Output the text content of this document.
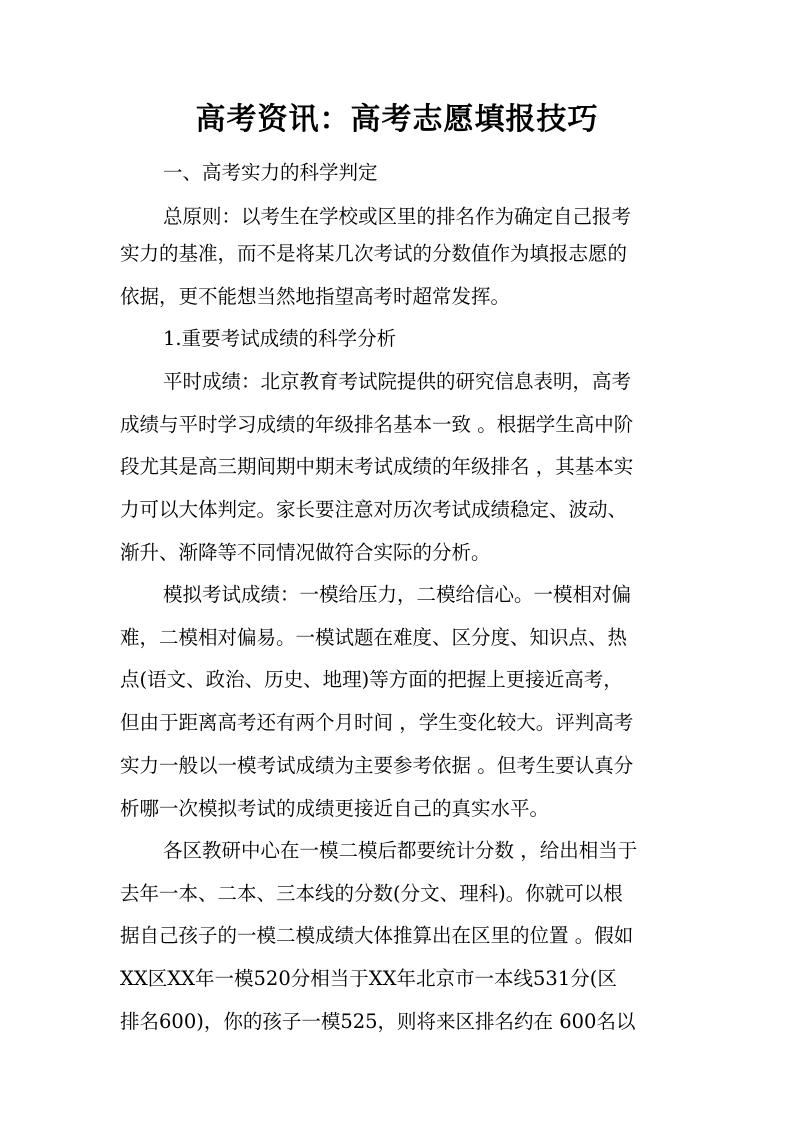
高考资讯：高考志愿填报技巧
一、高考实力的科学判定
总原则：以考生在学校或区里的排名作为确定自己报考
实力的基准，而不是将某几次考试的分数值作为填报志愿的
依据，更不能想当然地指望高考时超常发挥。
1.重要考试成绩的科学分析
平时成绩：北京教育考试院提供的研究信息表明，高考
成绩与平时学习成绩的年级排名基本一致 。根据学生高中阶
段尤其是高三期间期中期末考试成绩的年级排名 ，其基本实
力可以大体判定。家长要注意对历次考试成绩稳定、波动、
渐升、渐降等不同情况做符合实际的分析。
模拟考试成绩：一模给压力，二模给信心。一模相对偏
难，二模相对偏易。一模试题在难度、区分度、知识点、热
点(语文、政治、历史、地理)等方面的把握上更接近高考，
但由于距离高考还有两个月时间 ，学生变化较大。评判高考
实力一般以一模考试成绩为主要参考依据 。但考生要认真分
析哪一次模拟考试的成绩更接近自己的真实水平。
各区教研中心在一模二模后都要统计分数 ，给出相当于
去年一本、二本、三本线的分数(分文、理科)。你就可以根
据自己孩子的一模二模成绩大体推算出在区里的位置 。假如
XX区XX年一模520分相当于XX年北京市一本线531分(区
排名600)，你的孩子一模525，则将来区排名约在 600名以
